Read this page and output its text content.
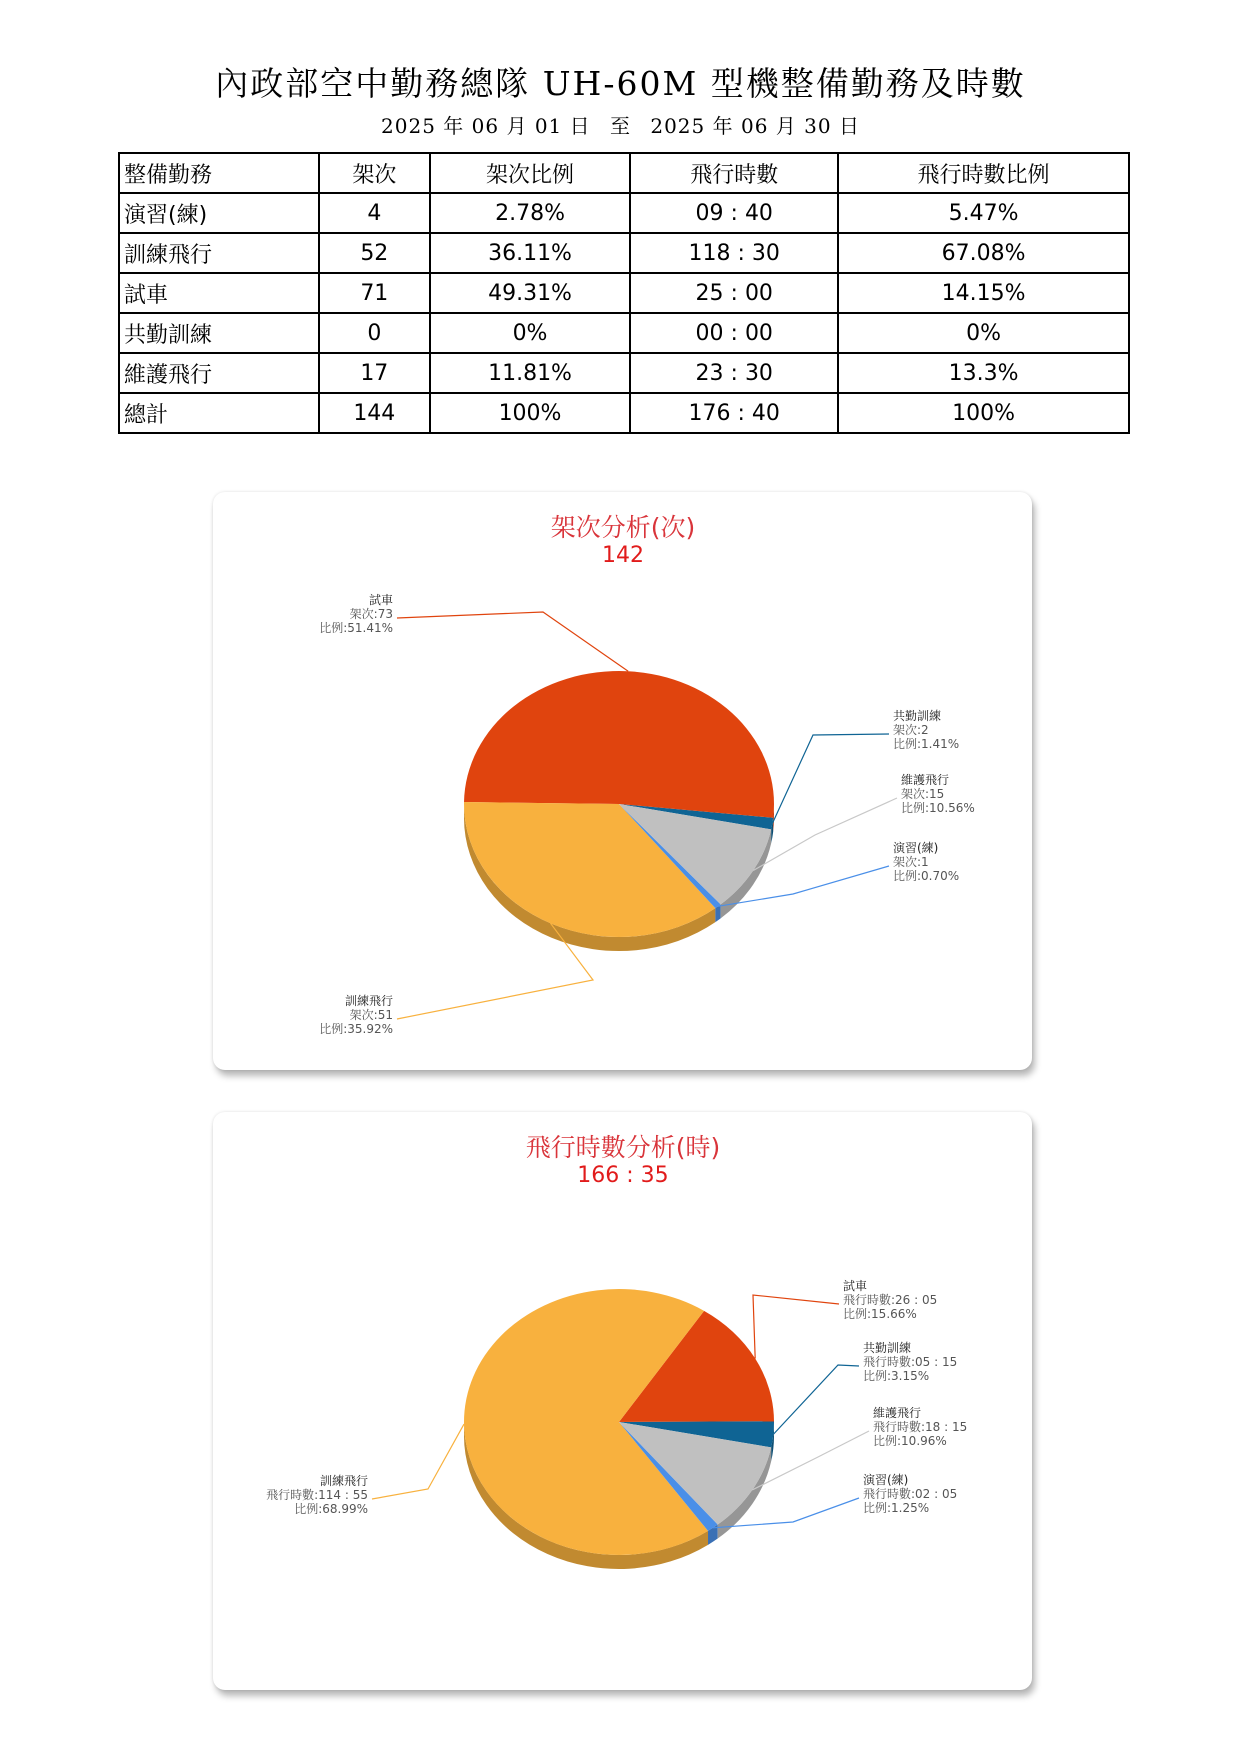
內政部空中勤務總隊 UH-60M 型機整備勤務及時數
2025 年 06 月 01 日 至 2025 年 06 月 30 日
整備勤務	架次	架次比例	飛行時數	飛行時數比例
演習(練)	4	2.78%	09 : 40	5.47%
訓練飛行	52	36.11%	118 : 30	67.08%
試車	71	49.31%	25 : 00	14.15%
共勤訓練	0	0%	00 : 00	0%
維護飛行	17	11.81%	23 : 30	13.3%
總計	144	100%	176 : 40	100%
架次分析(次)
142
試車
架次:73
比例:51.41%
共勤訓練
架次:2
比例:1.41%
維護飛行
架次:15
比例:10.56%
演習(練)
架次:1
比例:0.70%
訓練飛行
架次:51
比例:35.92%
飛行時數分析(時)
166 : 35
試車
飛行時數:26 : 05
比例:15.66%
共勤訓練
飛行時數:05 : 15
比例:3.15%
維護飛行
飛行時數:18 : 15
比例:10.96%
演習(練)
飛行時數:02 : 05
比例:1.25%
訓練飛行
飛行時數:114 : 55
比例:68.99%
